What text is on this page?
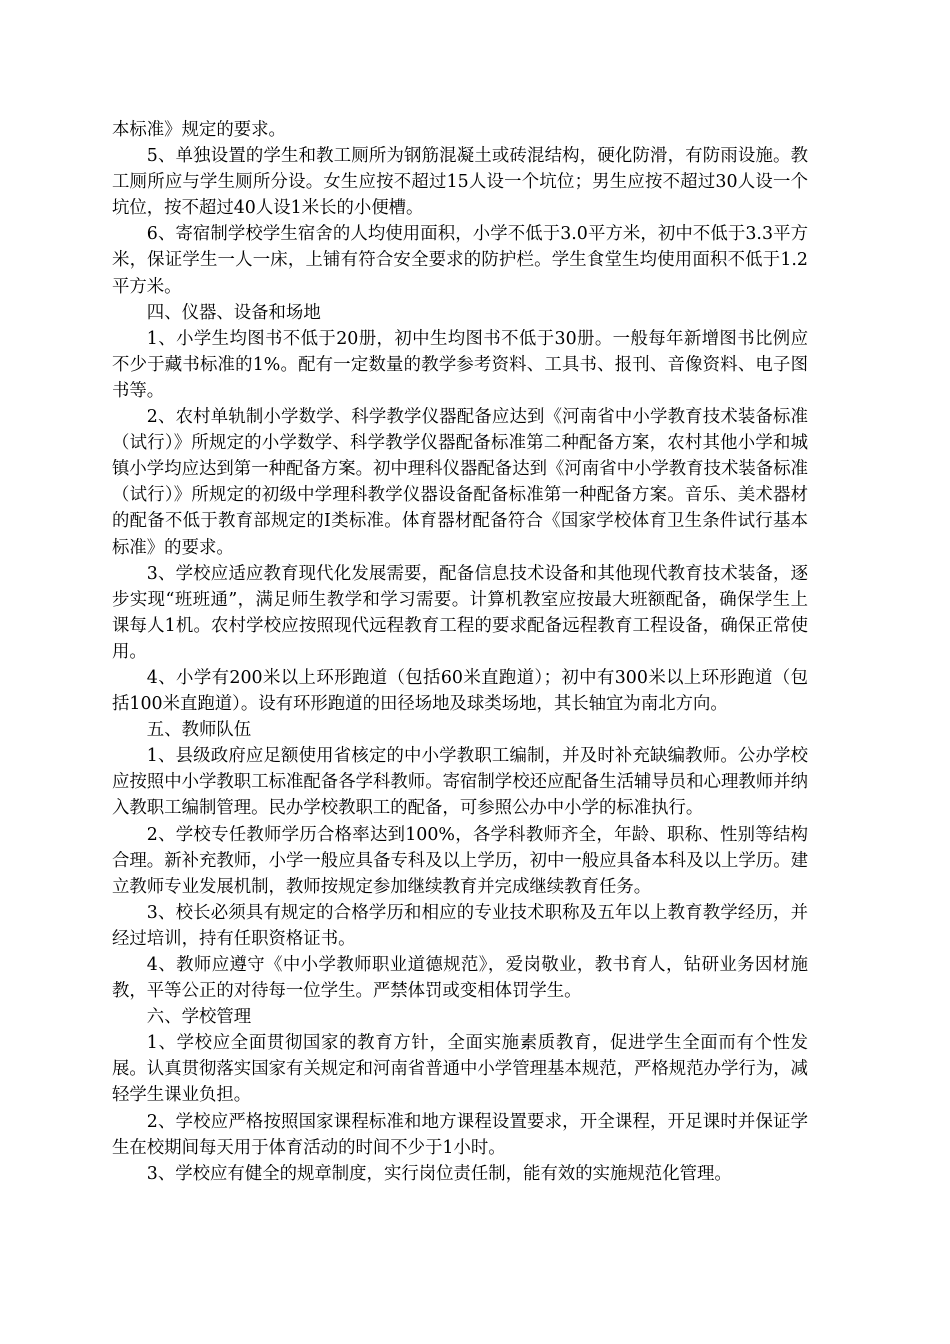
本标准》规定的要求。

5、单独设置的学生和教工厕所为钢筋混凝土或砖混结构，硬化防滑，有防雨设施。教工厕所应与学生厕所分设。女生应按不超过15人设一个坑位；男生应按不超过30人设一个坑位，按不超过40人设1米长的小便槽。

6、寄宿制学校学生宿舍的人均使用面积，小学不低于3.0平方米，初中不低于3.3平方米，保证学生一人一床，上铺有符合安全要求的防护栏。学生食堂生均使用面积不低于1.2平方米。

四、仪器、设备和场地

1、小学生均图书不低于20册，初中生均图书不低于30册。一般每年新增图书比例应不少于藏书标准的1%。配有一定数量的教学参考资料、工具书、报刊、音像资料、电子图书等。

2、农村单轨制小学数学、科学教学仪器配备应达到《河南省中小学教育技术装备标准（试行）》所规定的小学数学、科学教学仪器配备标准第二种配备方案，农村其他小学和城镇小学均应达到第一种配备方案。初中理科仪器配备达到《河南省中小学教育技术装备标准（试行）》所规定的初级中学理科教学仪器设备配备标准第一种配备方案。音乐、美术器材的配备不低于教育部规定的Ⅰ类标准。体育器材配备符合《国家学校体育卫生条件试行基本标准》的要求。

3、学校应适应教育现代化发展需要，配备信息技术设备和其他现代教育技术装备，逐步实现“班班通”，满足师生教学和学习需要。计算机教室应按最大班额配备，确保学生上课每人1机。农村学校应按照现代远程教育工程的要求配备远程教育工程设备，确保正常使用。

4、小学有200米以上环形跑道（包括60米直跑道）；初中有300米以上环形跑道（包括100米直跑道）。设有环形跑道的田径场地及球类场地，其长轴宜为南北方向。

五、教师队伍

1、县级政府应足额使用省核定的中小学教职工编制，并及时补充缺编教师。公办学校应按照中小学教职工标准配备各学科教师。寄宿制学校还应配备生活辅导员和心理教师并纳入教职工编制管理。民办学校教职工的配备，可参照公办中小学的标准执行。

2、学校专任教师学历合格率达到100%，各学科教师齐全，年龄、职称、性别等结构合理。新补充教师，小学一般应具备专科及以上学历，初中一般应具备本科及以上学历。建立教师专业发展机制，教师按规定参加继续教育并完成继续教育任务。

3、校长必须具有规定的合格学历和相应的专业技术职称及五年以上教育教学经历，并经过培训，持有任职资格证书。

4、教师应遵守《中小学教师职业道德规范》，爱岗敬业，教书育人，钻研业务因材施教，平等公正的对待每一位学生。严禁体罚或变相体罚学生。

六、学校管理

1、学校应全面贯彻国家的教育方针，全面实施素质教育，促进学生全面而有个性发展。认真贯彻落实国家有关规定和河南省普通中小学管理基本规范，严格规范办学行为，减轻学生课业负担。

2、学校应严格按照国家课程标准和地方课程设置要求，开全课程，开足课时并保证学生在校期间每天用于体育活动的时间不少于1小时。

3、学校应有健全的规章制度，实行岗位责任制，能有效的实施规范化管理。
